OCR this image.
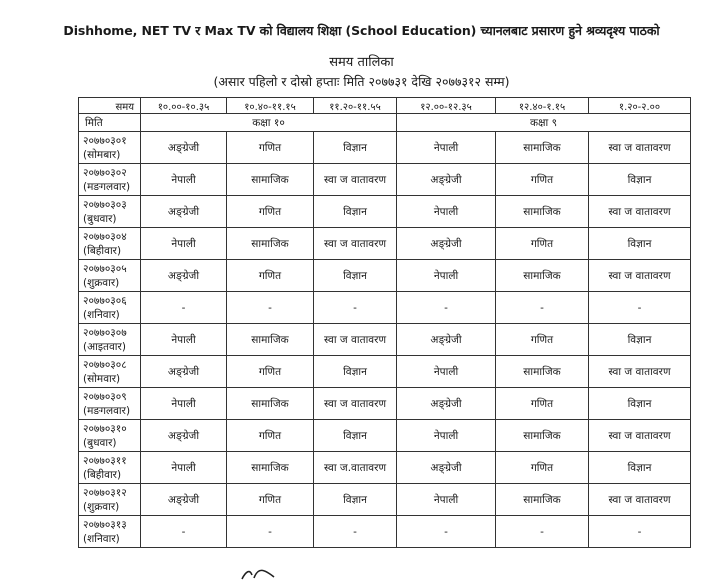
Dishhome, NET TV र Max TV को विद्यालय शिक्षा (School Education) च्यानलबाट प्रसारण हुने श्रव्यदृश्य पाठको
समय तालिका
(असार पहिलो र दोस्रो हप्ताः मिति २०७७३१ देखि २०७७३१२ सम्म)
समय	१०.००-१०.३५	१०.४०-११.१५	११.२०-११.५५	१२.००-१२.३५	१२.४०-१.१५	१.२०-२.००
मिति	कक्षा १०			कक्षा ९		

२०७७०३०१
(सोमबार)	अङ्ग्रेजी	गणित	विज्ञान	नेपाली	सामाजिक	स्वा ज वातावरण

२०७७०३०२
(मङगलवार)	नेपाली	सामाजिक	स्वा ज वातावरण	अङ्ग्रेजी	गणित	विज्ञान

२०७७०३०३
(बुधवार)	अङ्ग्रेजी	गणित	विज्ञान	नेपाली	सामाजिक	स्वा ज वातावरण

२०७७०३०४
(बिहीवार)	नेपाली	सामाजिक	स्वा ज वातावरण	अङ्ग्रेजी	गणित	विज्ञान

२०७७०३०५
(शुक्रवार)	अङ्ग्रेजी	गणित	विज्ञान	नेपाली	सामाजिक	स्वा ज वातावरण

२०७७०३०६
(शनिवार)	-	-	-	-	-	-

२०७७०३०७
(आइतवार)	नेपाली	सामाजिक	स्वा ज वातावरण	अङ्ग्रेजी	गणित	विज्ञान

२०७७०३०८
(सोमवार)	अङ्ग्रेजी	गणित	विज्ञान	नेपाली	सामाजिक	स्वा ज वातावरण

२०७७०३०९
(मङगलवार)	नेपाली	सामाजिक	स्वा ज वातावरण	अङ्ग्रेजी	गणित	विज्ञान

२०७७०३१०
(बुधवार)	अङ्ग्रेजी	गणित	विज्ञान	नेपाली	सामाजिक	स्वा ज वातावरण

२०७७०३११
(बिहीवार)	नेपाली	सामाजिक	स्वा ज.वातावरण	अङ्ग्रेजी	गणित	विज्ञान

२०७७०३१२
(शुक्रवार)	अङ्ग्रेजी	गणित	विज्ञान	नेपाली	सामाजिक	स्वा ज वातावरण

२०७७०३१३
(शनिवार)	-	-	-	-	-	-
